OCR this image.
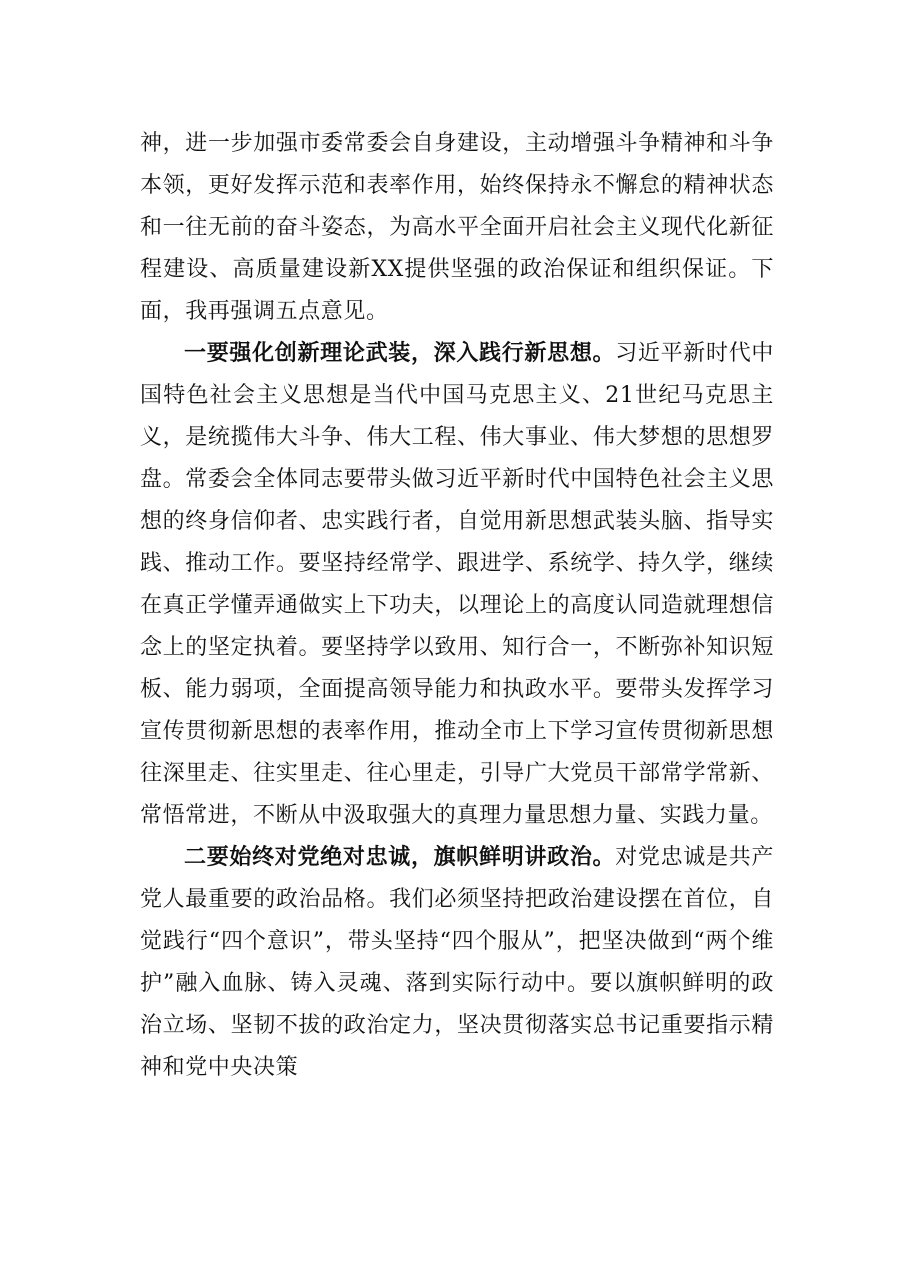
神，进一步加强市委常委会自身建设，主动增强斗争精神和斗争本领，更好发挥示范和表率作用，始终保持永不懈怠的精神状态和一往无前的奋斗姿态，为高水平全面开启社会主义现代化新征程建设、高质量建设新XX提供坚强的政治保证和组织保证。下面，我再强调五点意见。

一要强化创新理论武装，深入践行新思想。习近平新时代中国特色社会主义思想是当代中国马克思主义、21世纪马克思主义，是统揽伟大斗争、伟大工程、伟大事业、伟大梦想的思想罗盘。常委会全体同志要带头做习近平新时代中国特色社会主义思想的终身信仰者、忠实践行者，自觉用新思想武装头脑、指导实践、推动工作。要坚持经常学、跟进学、系统学、持久学，继续在真正学懂弄通做实上下功夫，以理论上的高度认同造就理想信念上的坚定执着。要坚持学以致用、知行合一，不断弥补知识短板、能力弱项，全面提高领导能力和执政水平。要带头发挥学习宣传贯彻新思想的表率作用，推动全市上下学习宣传贯彻新思想往深里走、往实里走、往心里走，引导广大党员干部常学常新、常悟常进，不断从中汲取强大的真理力量思想力量、实践力量。

二要始终对党绝对忠诚，旗帜鲜明讲政治。对党忠诚是共产党人最重要的政治品格。我们必须坚持把政治建设摆在首位，自觉践行“四个意识”，带头坚持“四个服从”，把坚决做到“两个维护”融入血脉、铸入灵魂、落到实际行动中。要以旗帜鲜明的政治立场、坚韧不拔的政治定力，坚决贯彻落实总书记重要指示精神和党中央决策
